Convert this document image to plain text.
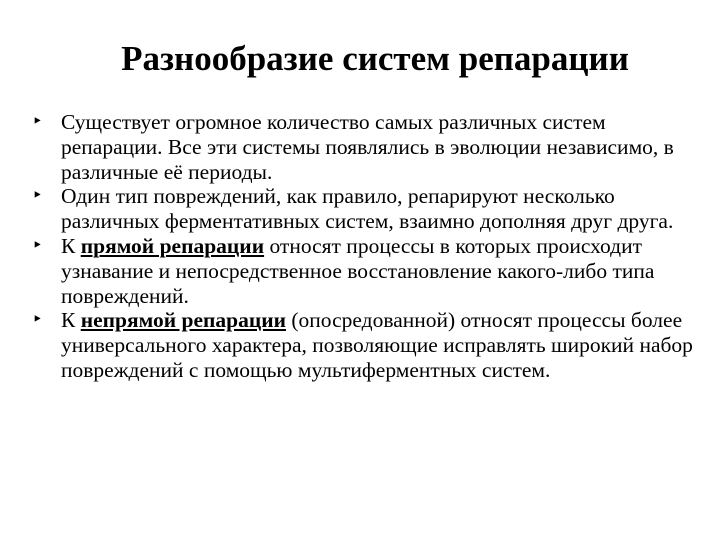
Разнообразие систем репарации
‣ Существует огромное количество самых различных систем репарации. Все эти системы появлялись в эволюции независимо, в различные её периоды.
‣ Один тип повреждений, как правило, репарируют несколько различных ферментативных систем, взаимно дополняя друг друга.
‣ К прямой репарации относят процессы в которых происходит узнавание и непосредственное восстановление какого-либо типа повреждений.
‣ К непрямой репарации (опосредованной) относят процессы более универсального характера, позволяющие исправлять широкий набор повреждений с помощью мультиферментных систем.
